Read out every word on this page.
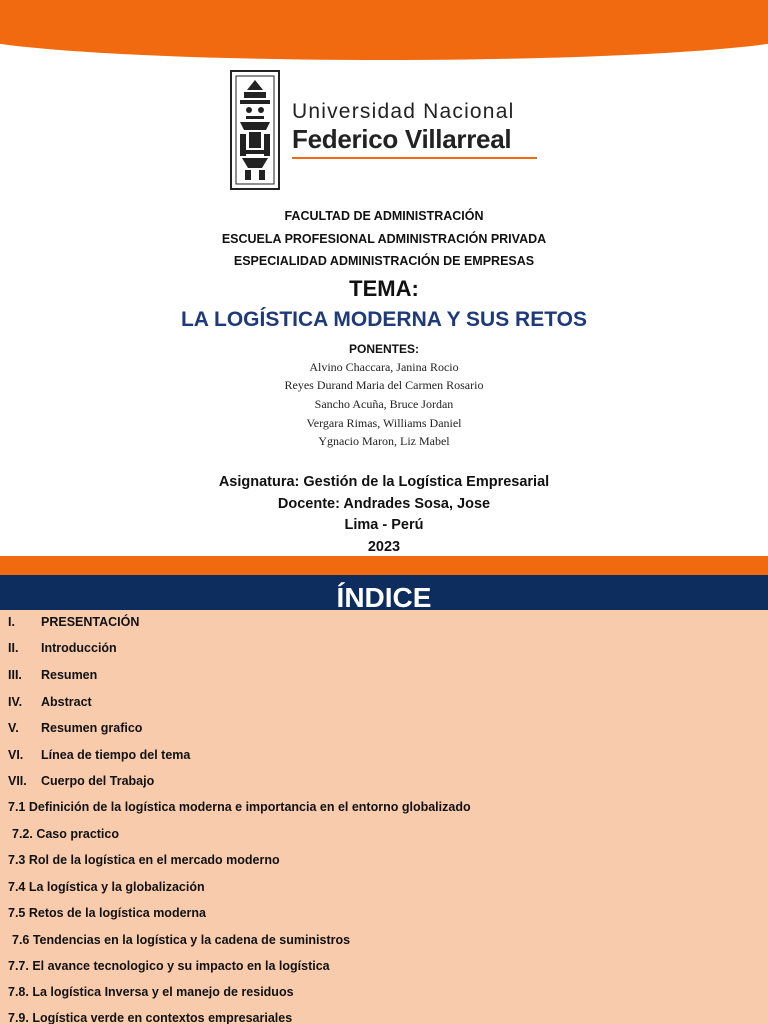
Universidad Nacional
Federico Villarreal
FACULTAD DE ADMINISTRACIÓN
ESCUELA PROFESIONAL ADMINISTRACIÓN PRIVADA
ESPECIALIDAD ADMINISTRACIÓN DE EMPRESAS
TEMA:
LA LOGÍSTICA MODERNA Y SUS RETOS
PONENTES:
Alvino Chaccara, Janina Rocio
Reyes Durand Maria del Carmen Rosario
Sancho Acuña, Bruce Jordan
Vergara Rimas, Williams Daniel
Ygnacio Maron, Liz Mabel
Asignatura: Gestión de la Logística Empresarial
Docente: Andrades Sosa, Jose
Lima - Perú
2023
ÍNDICE
I. PRESENTACIÓN
II. Introducción
III. Resumen
IV. Abstract
V. Resumen grafico
VI. Línea de tiempo del tema
VII. Cuerpo del Trabajo
7.1 Definición de la logística moderna e importancia en el entorno globalizado
7.2. Caso practico
7.3 Rol de la logística en el mercado moderno
7.4 La logística y la globalización
7.5 Retos de la logística moderna
7.6 Tendencias en la logística y la cadena de suministros
7.7. El avance tecnologico y su impacto en la logística
7.8. La logística Inversa y el manejo de residuos
7.9. Logística verde en contextos empresariales
